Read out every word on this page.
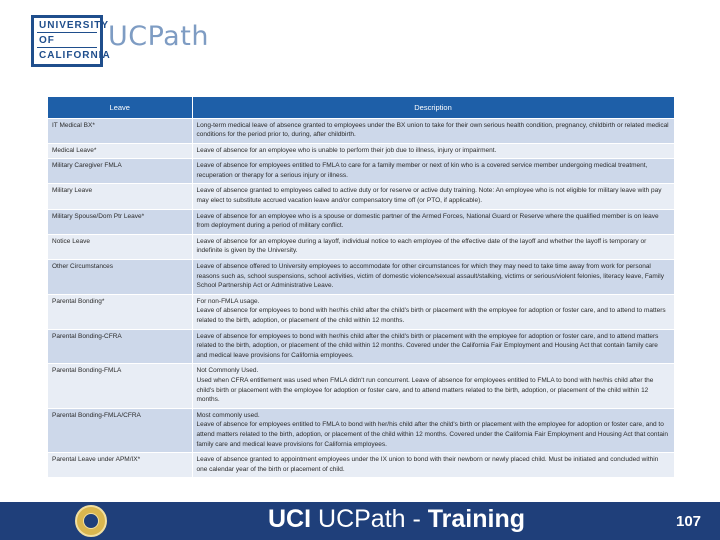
UNIVERSITY
OF
CALIFORNIA
UCPath
Leave	Description
IT Medical BX*	Long-term medical leave of absence granted to employees under the BX union to take for their own serious health condition, pregnancy, childbirth or related medical conditions for the period prior to, during, after childbirth.

Medical Leave*	Leave of absence for an employee who is unable to perform their job due to illness, injury or impairment.

Military Caregiver FMLA	Leave of absence for employees entitled to FMLA to care for a family member or next of kin who is a covered service member undergoing medical treatment, recuperation or therapy for a serious injury or illness.

Military Leave	Leave of absence granted to employees called to active duty or for reserve or active duty training. Note: An employee who is not eligible for military leave with pay may elect to substitute accrued vacation leave and/or compensatory time off (or PTO, if applicable).

Military Spouse/Dom Ptr Leave*	Leave of absence for an employee who is a spouse or domestic partner of the Armed Forces, National Guard or Reserve where the qualified member is on leave from deployment during a period of military conflict.

Notice Leave	Leave of absence for an employee during a layoff, individual notice to each employee of the effective date of the layoff and whether the layoff is temporary or indefinite is given by the University.

Other Circumstances	Leave of absence offered to University employees to accommodate for other circumstances for which they may need to take time away from work for personal reasons such as, school suspensions, school activities, victim of domestic violence/sexual assault/stalking, victims or serious/violent felonies, literacy leave, Family School Partnership Act or Administrative Leave.

Parental Bonding*	For non-FMLA usage.
Leave of absence for employees to bond with her/his child after the child's birth or placement with the employee for adoption or foster care, and to attend to matters related to the birth, adoption, or placement of the child within 12 months.

Parental Bonding-CFRA	Leave of absence for employees to bond with her/his child after the child's birth or placement with the employee for adoption or foster care, and to attend matters related to the birth, adoption, or placement of the child within 12 months. Covered under the California Fair Employment and Housing Act that contain family care and medical leave provisions for California employees.

Parental Bonding-FMLA	Not Commonly Used.
Used when CFRA entitlement was used when FMLA didn't run concurrent. Leave of absence for employees entitled to FMLA to bond with her/his child after the child's birth or placement with the employee for adoption or foster care, and to attend matters related to the birth, adoption, or placement of the child within 12 months.

Parental Bonding-FMLA/CFRA	Most commonly used.
Leave of absence for employees entitled to FMLA to bond with her/his child after the child's birth or placement with the employee for adoption or foster care, and to attend matters related to the birth, adoption, or placement of the child within 12 months. Covered under the California Fair Employment and Housing Act that contain family care and medical leave provisions for California employees.

Parental Leave under APM/IX*	Leave of absence granted to appointment employees under the IX union to bond with their newborn or newly placed child. Must be initiated and concluded within one calendar year of the birth or placement of child.
UCI UCPath - Training	107
